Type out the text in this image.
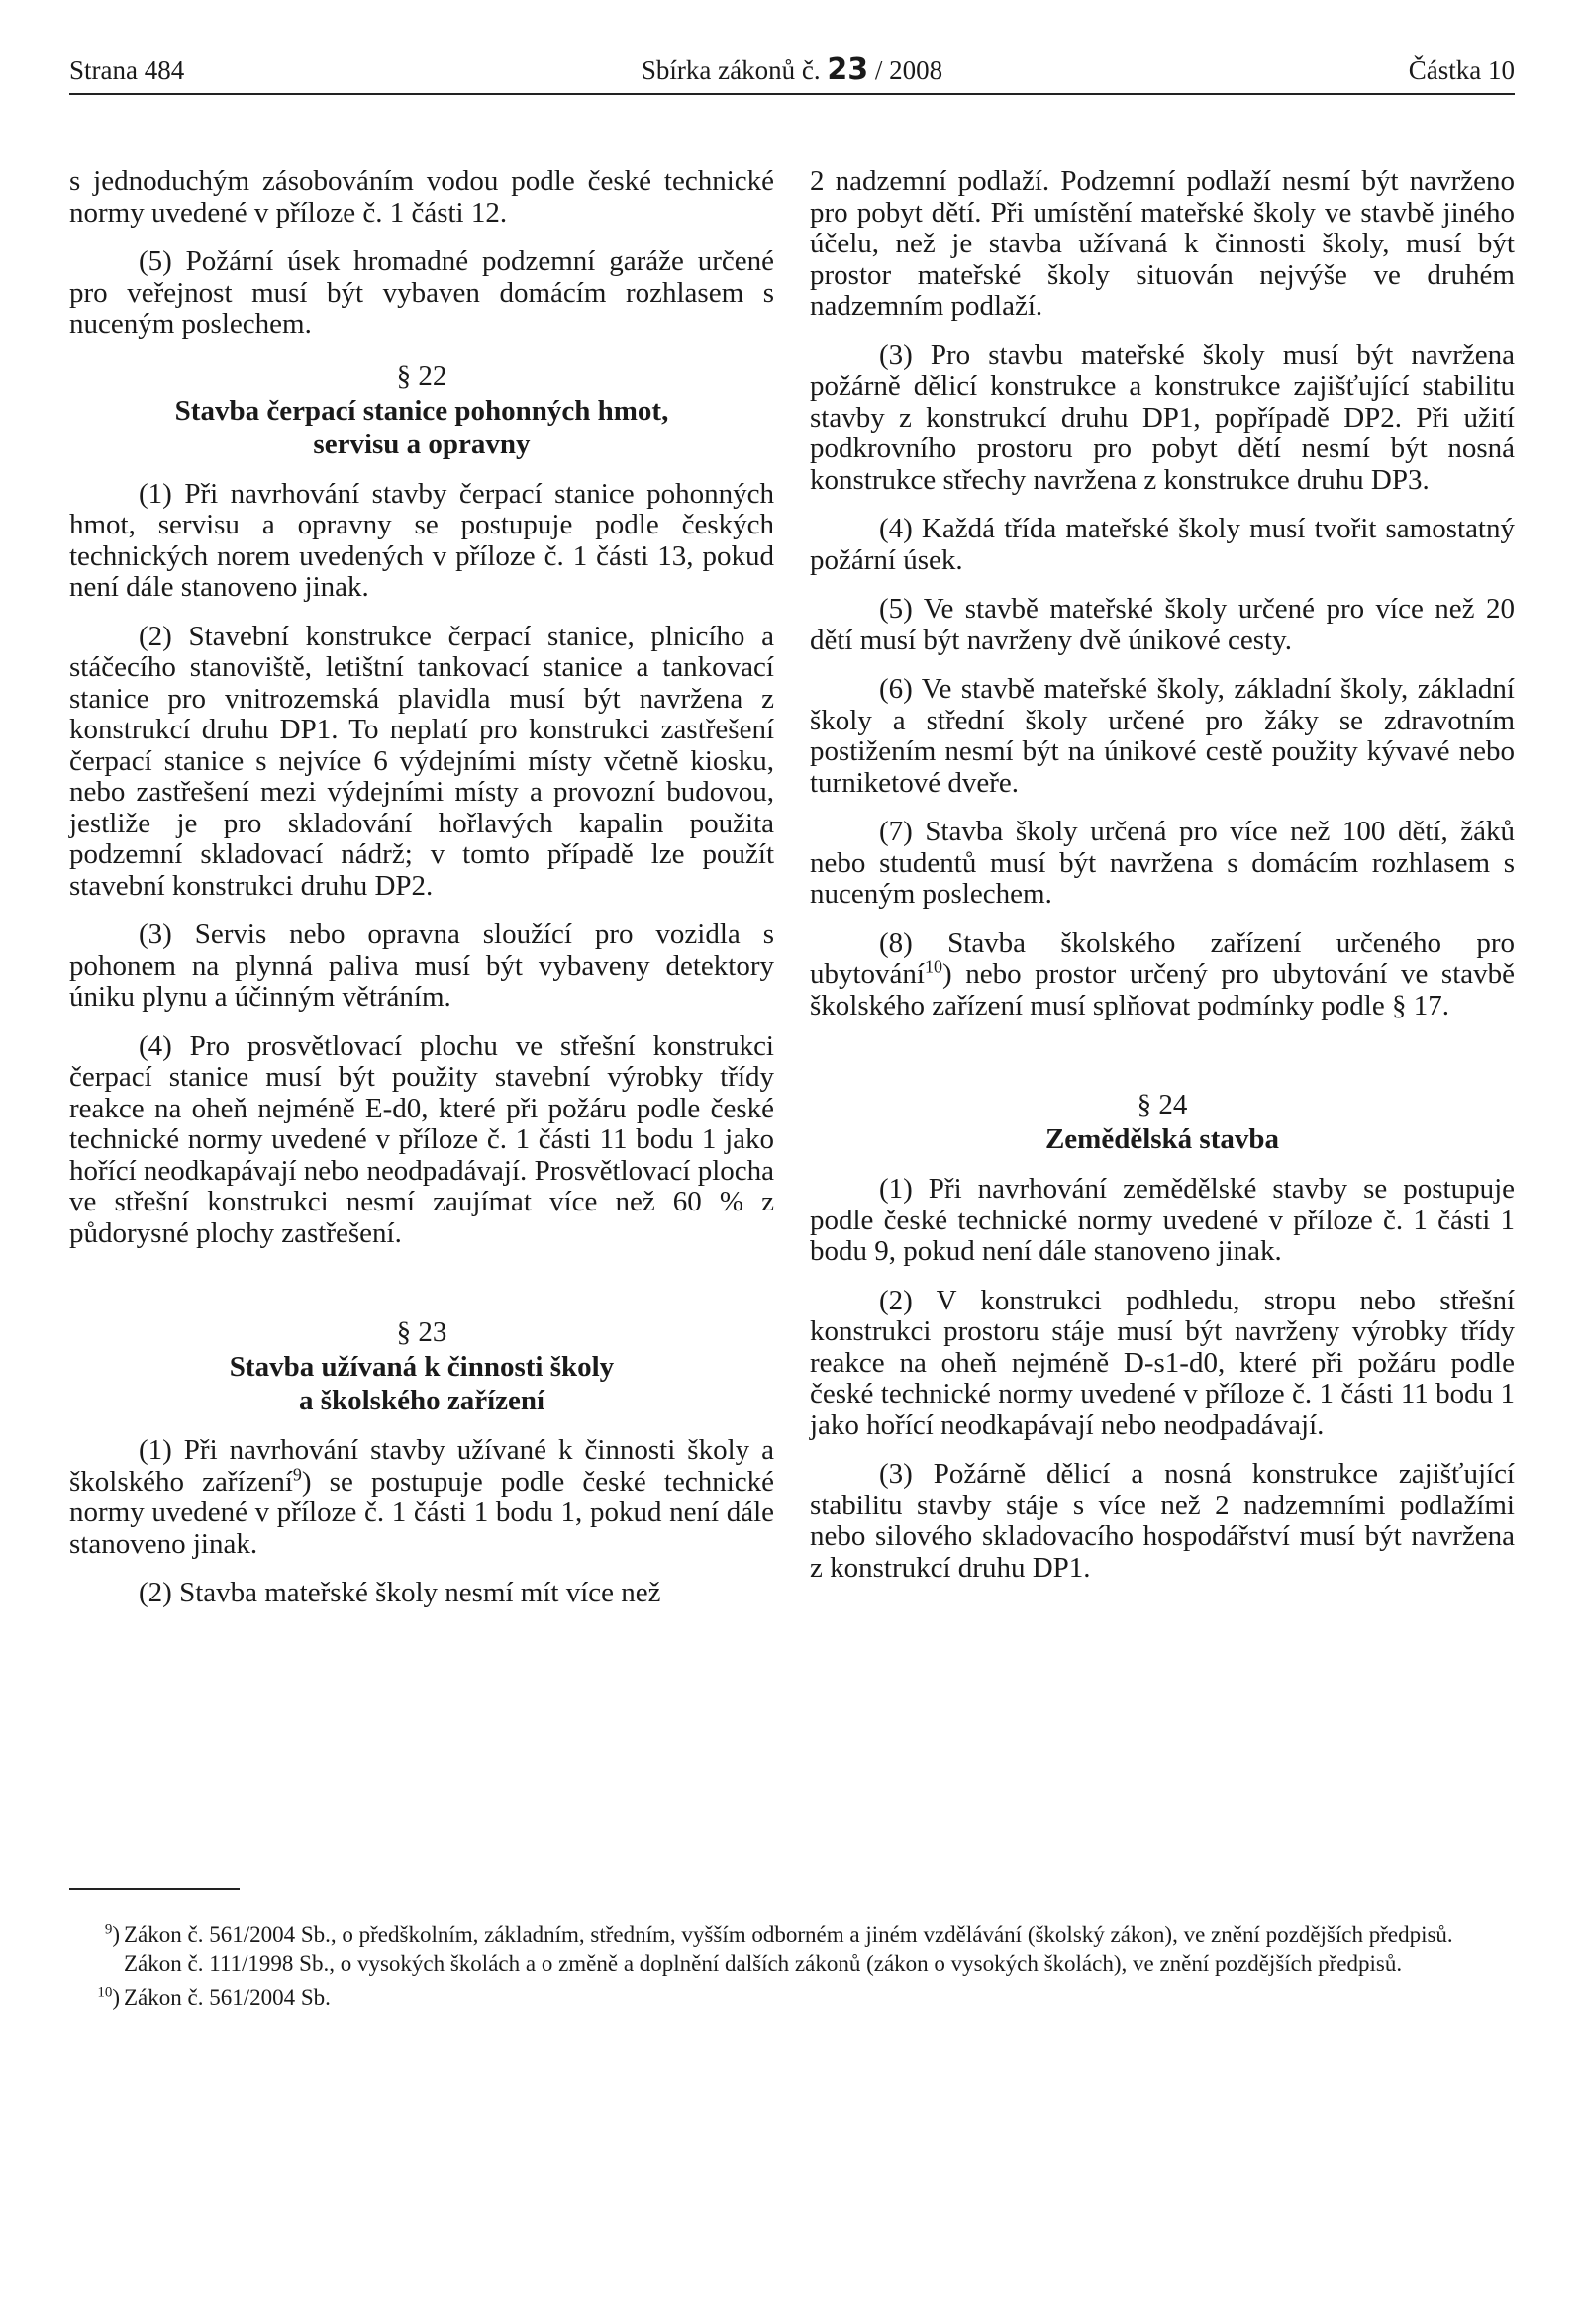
Strana 484	Sbírka zákonů č. 23 / 2008	Částka 10

s jednoduchým zásobováním vodou podle české technické normy uvedené v příloze č. 1 části 12.

(5) Požární úsek hromadné podzemní garáže určené pro veřejnost musí být vybaven domácím rozhlasem s nuceným poslechem.

§ 22
Stavba čerpací stanice pohonných hmot,
servisu a opravny

(1) Při navrhování stavby čerpací stanice pohonných hmot, servisu a opravny se postupuje podle českých technických norem uvedených v příloze č. 1 části 13, pokud není dále stanoveno jinak.

(2) Stavební konstrukce čerpací stanice, plnicího a stáčecího stanoviště, letištní tankovací stanice a tankovací stanice pro vnitrozemská plavidla musí být navržena z konstrukcí druhu DP1. To neplatí pro konstrukci zastřešení čerpací stanice s nejvíce 6 výdejními místy včetně kiosku, nebo zastřešení mezi výdejními místy a provozní budovou, jestliže je pro skladování hořlavých kapalin použita podzemní skladovací nádrž; v tomto případě lze použít stavební konstrukci druhu DP2.

(3) Servis nebo opravna sloužící pro vozidla s pohonem na plynná paliva musí být vybaveny detektory úniku plynu a účinným větráním.

(4) Pro prosvětlovací plochu ve střešní konstrukci čerpací stanice musí být použity stavební výrobky třídy reakce na oheň nejméně E-d0, které při požáru podle české technické normy uvedené v příloze č. 1 části 11 bodu 1 jako hořící neodkapávají nebo neodpadávají. Prosvětlovací plocha ve střešní konstrukci nesmí zaujímat více než 60 % z půdorysné plochy zastřešení.

§ 23
Stavba užívaná k činnosti školy
a školského zařízení

(1) Při navrhování stavby užívané k činnosti školy a školského zařízení$^9$) se postupuje podle české technické normy uvedené v příloze č. 1 části 1 bodu 1, pokud není dále stanoveno jinak.

(2) Stavba mateřské školy nesmí mít více než

2 nadzemní podlaží. Podzemní podlaží nesmí být navrženo pro pobyt dětí. Při umístění mateřské školy ve stavbě jiného účelu, než je stavba užívaná k činnosti školy, musí být prostor mateřské školy situován nejvýše ve druhém nadzemním podlaží.

(3) Pro stavbu mateřské školy musí být navržena požárně dělicí konstrukce a konstrukce zajišťující stabilitu stavby z konstrukcí druhu DP1, popřípadě DP2. Při užití podkrovního prostoru pro pobyt dětí nesmí být nosná konstrukce střechy navržena z konstrukce druhu DP3.

(4) Každá třída mateřské školy musí tvořit samostatný požární úsek.

(5) Ve stavbě mateřské školy určené pro více než 20 dětí musí být navrženy dvě únikové cesty.

(6) Ve stavbě mateřské školy, základní školy, základní školy a střední školy určené pro žáky se zdravotním postižením nesmí být na únikové cestě použity kývavé nebo turniketové dveře.

(7) Stavba školy určená pro více než 100 dětí, žáků nebo studentů musí být navržena s domácím rozhlasem s nuceným poslechem.

(8) Stavba školského zařízení určeného pro ubytování$^{10}$) nebo prostor určený pro ubytování ve stavbě školského zařízení musí splňovat podmínky podle § 17.

§ 24
Zemědělská stavba

(1) Při navrhování zemědělské stavby se postupuje podle české technické normy uvedené v příloze č. 1 části 1 bodu 9, pokud není dále stanoveno jinak.

(2) V konstrukci podhledu, stropu nebo střešní konstrukci prostoru stáje musí být navrženy výrobky třídy reakce na oheň nejméně D-s1-d0, které při požáru podle české technické normy uvedené v příloze č. 1 části 11 bodu 1 jako hořící neodkapávají nebo neodpadávají.

(3) Požárně dělicí a nosná konstrukce zajišťující stabilitu stavby stáje s více než 2 nadzemními podlažími nebo silového skladovacího hospodářství musí být navržena z konstrukcí druhu DP1.

$^9$) Zákon č. 561/2004 Sb., o předškolním, základním, středním, vyšším odborném a jiném vzdělávání (školský zákon), ve znění pozdějších předpisů.
Zákon č. 111/1998 Sb., o vysokých školách a o změně a doplnění dalších zákonů (zákon o vysokých školách), ve znění pozdějších předpisů.
$^{10}$) Zákon č. 561/2004 Sb.
